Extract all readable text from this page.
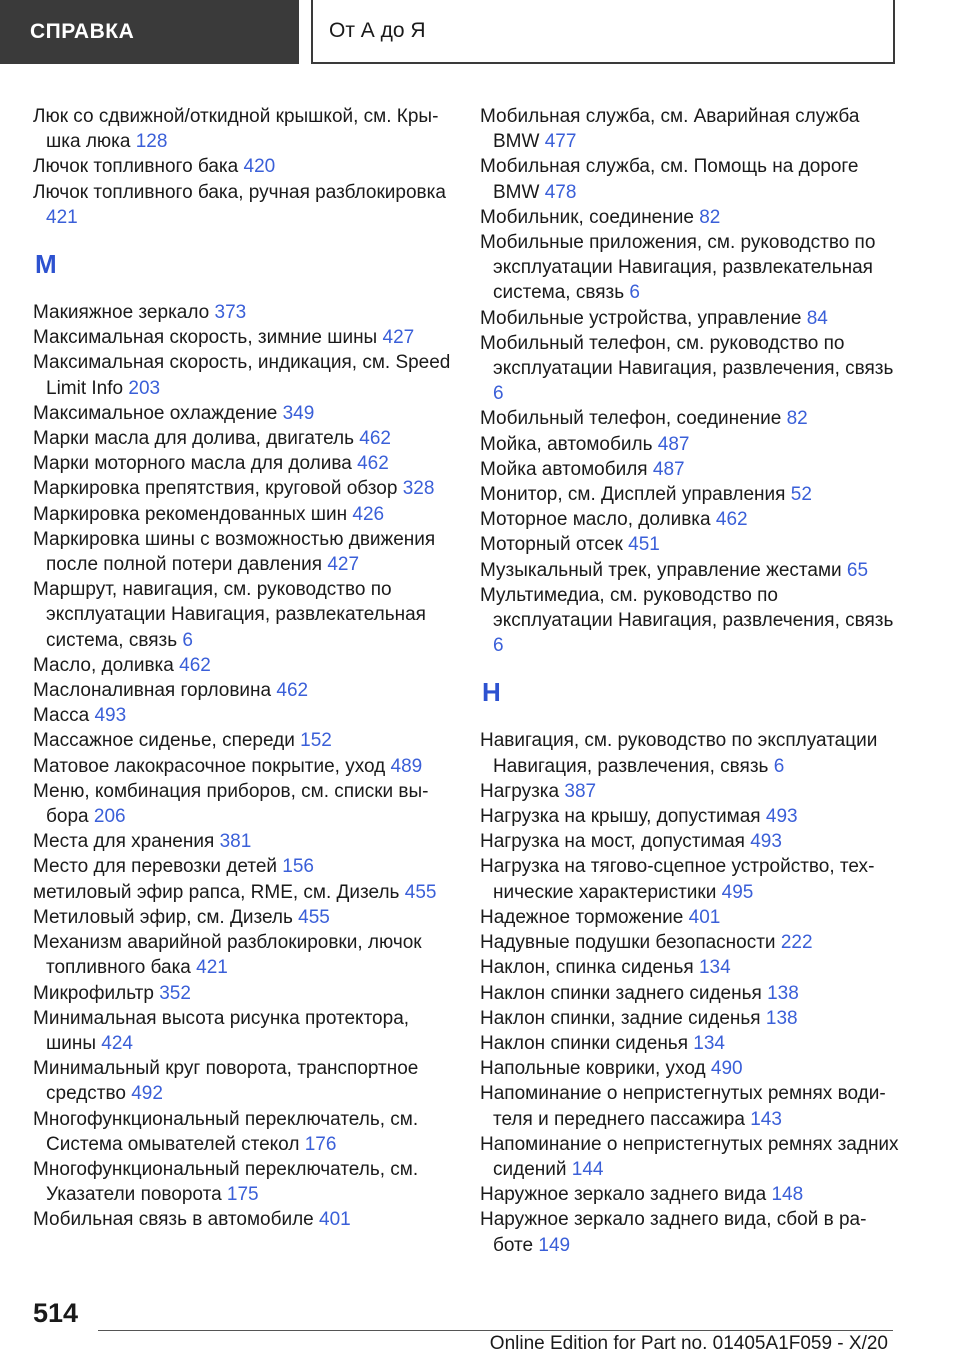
СПРАВКА	От А до Я
Люк со сдвижной/откидной крышкой, см. Крышка люка 128
Лючок топливного бака 420
Лючок топливного бака, ручная разблокировка 421
М
Макияжное зеркало 373
Максимальная скорость, зимние шины 427
Максимальная скорость, индикация, см. Speed Limit Info 203
Максимальное охлаждение 349
Марки масла для долива, двигатель 462
Марки моторного масла для долива 462
Маркировка препятствия, круговой обзор 328
Маркировка рекомендованных шин 426
Маркировка шины с возможностью движения после полной потери давления 427
Маршрут, навигация, см. руководство по эксплуатации Навигация, развлекательная система, связь 6
Масло, доливка 462
Маслоналивная горловина 462
Масса 493
Массажное сиденье, спереди 152
Матовое лакокрасочное покрытие, уход 489
Меню, комбинация приборов, см. списки выбора 206
Места для хранения 381
Место для перевозки детей 156
метиловый эфир рапса, RME, см. Дизель 455
Метиловый эфир, см. Дизель 455
Механизм аварийной разблокировки, лючок топливного бака 421
Микрофильтр 352
Минимальная высота рисунка протектора, шины 424
Минимальный круг поворота, транспортное средство 492
Многофункциональный переключатель, см. Система омывателей стекол 176
Многофункциональный переключатель, см. Указатели поворота 175
Мобильная связь в автомобиле 401
Мобильная служба, см. Аварийная служба BMW 477
Мобильная служба, см. Помощь на дороге BMW 478
Мобильник, соединение 82
Мобильные приложения, см. руководство по эксплуатации Навигация, развлекательная система, связь 6
Мобильные устройства, управление 84
Мобильный телефон, см. руководство по эксплуатации Навигация, развлечения, связь 6
Мобильный телефон, соединение 82
Мойка, автомобиль 487
Мойка автомобиля 487
Монитор, см. Дисплей управления 52
Моторное масло, доливка 462
Моторный отсек 451
Музыкальный трек, управление жестами 65
Мультимедиа, см. руководство по эксплуатации Навигация, развлечения, связь 6
Н
Навигация, см. руководство по эксплуатации Навигация, развлечения, связь 6
Нагрузка 387
Нагрузка на крышу, допустимая 493
Нагрузка на мост, допустимая 493
Нагрузка на тягово-сцепное устройство, технические характеристики 495
Надежное торможение 401
Надувные подушки безопасности 222
Наклон, спинка сиденья 134
Наклон спинки заднего сиденья 138
Наклон спинки, задние сиденья 138
Наклон спинки сиденья 134
Напольные коврики, уход 490
Напоминание о непристегнутых ремнях водителя и переднего пассажира 143
Напоминание о непристегнутых ремнях задних сидений 144
Наружное зеркало заднего вида 148
Наружное зеркало заднего вида, сбой в работе 149
514
Online Edition for Part no. 01405A1F059 - X/20
